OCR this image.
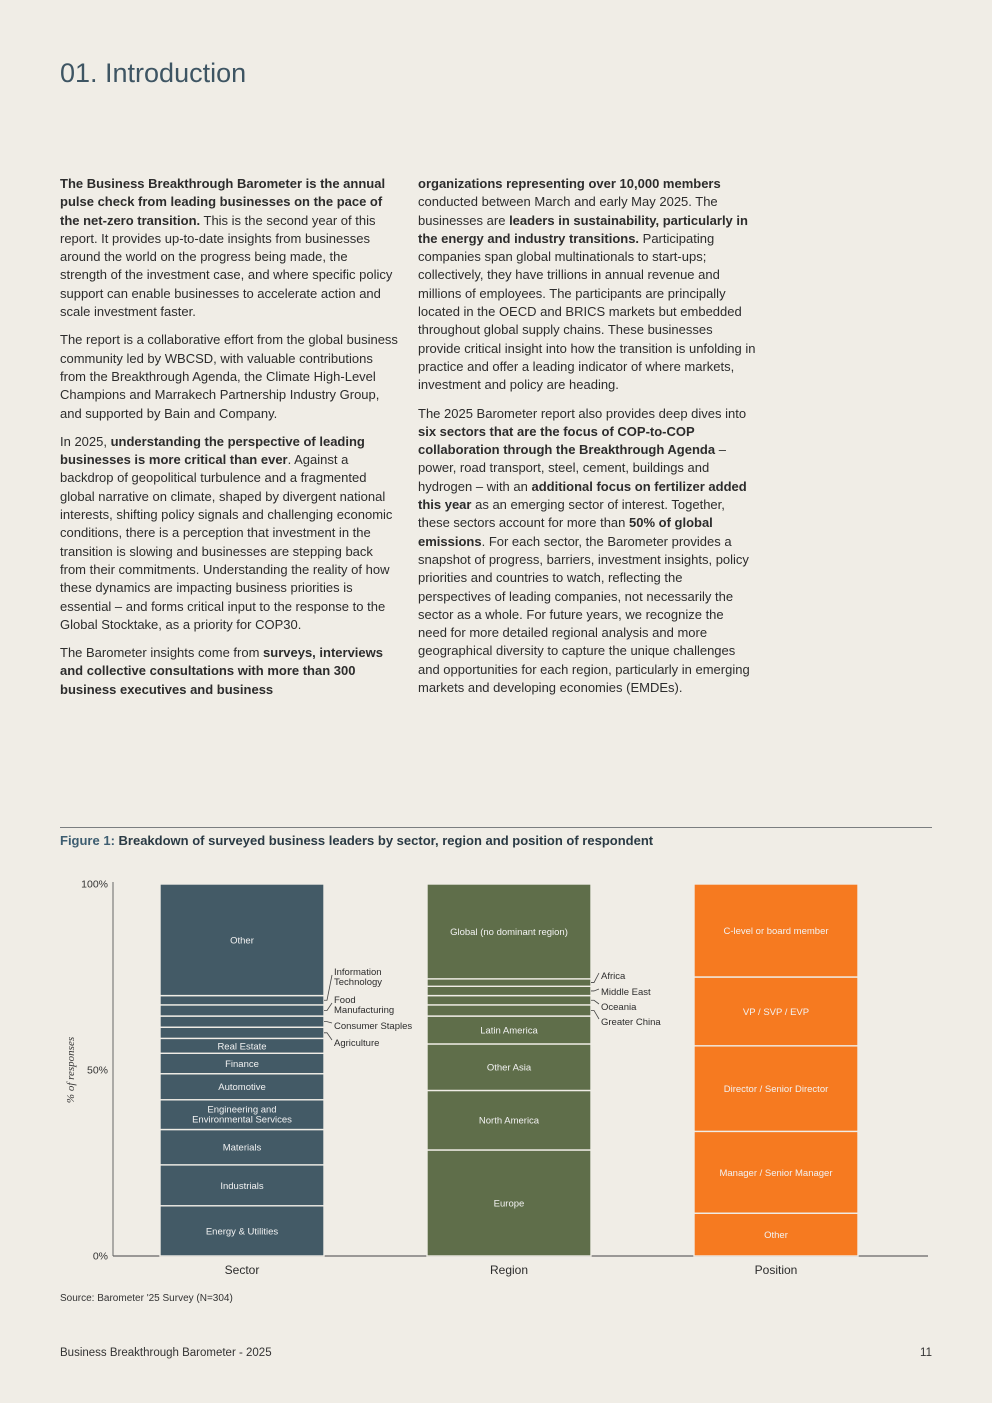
01. Introduction

The Business Breakthrough Barometer is the annual pulse check from leading businesses on the pace of the net-zero transition. This is the second year of this report. It provides up-to-date insights from businesses around the world on the progress being made, the strength of the investment case, and where specific policy support can enable businesses to accelerate action and scale investment faster.

The report is a collaborative effort from the global business community led by WBCSD, with valuable contributions from the Breakthrough Agenda, the Climate High-Level Champions and Marrakech Partnership Industry Group, and supported by Bain and Company.

In 2025, understanding the perspective of leading businesses is more critical than ever. Against a backdrop of geopolitical turbulence and a fragmented global narrative on climate, shaped by divergent national interests, shifting policy signals and challenging economic conditions, there is a perception that investment in the transition is slowing and businesses are stepping back from their commitments. Understanding the reality of how these dynamics are impacting business priorities is essential – and forms critical input to the response to the Global Stocktake, as a priority for COP30.

The Barometer insights come from surveys, interviews and collective consultations with more than 300 business executives and business

organizations representing over 10,000 members conducted between March and early May 2025. The businesses are leaders in sustainability, particularly in the energy and industry transitions. Participating companies span global multinationals to start-ups; collectively, they have trillions in annual revenue and millions of employees. The participants are principally located in the OECD and BRICS markets but embedded throughout global supply chains. These businesses provide critical insight into how the transition is unfolding in practice and offer a leading indicator of where markets, investment and policy are heading.

The 2025 Barometer report also provides deep dives into six sectors that are the focus of COP-to-COP collaboration through the Breakthrough Agenda – power, road transport, steel, cement, buildings and hydrogen – with an additional focus on fertilizer added this year as an emerging sector of interest. Together, these sectors account for more than 50% of global emissions. For each sector, the Barometer provides a snapshot of progress, barriers, investment insights, policy priorities and countries to watch, reflecting the perspectives of leading companies, not necessarily the sector as a whole. For future years, we recognize the need for more detailed regional analysis and more geographical diversity to capture the unique challenges and opportunities for each region, particularly in emerging markets and developing economies (EMDEs).

Figure 1: Breakdown of surveyed business leaders by sector, region and position of respondent
0%
50%
100%
% of responses
Energy & Utilities
Industrials
Materials
Engineering and
Environmental Services
Automotive
Finance
Real Estate	Agriculture
Consumer Staples
Food
Manufacturing
Information
Technology
Other
Sector
Europe
North America
Other Asia
Latin America
Greater China
Oceania
Middle East
Africa
Global (no dominant region)
Region
Other
Manager / Senior Manager
Director / Senior Director
VP / SVP / EVP
C-level or board member
Position
Source: Barometer '25 Survey (N=304)
Business Breakthrough Barometer - 2025	11
